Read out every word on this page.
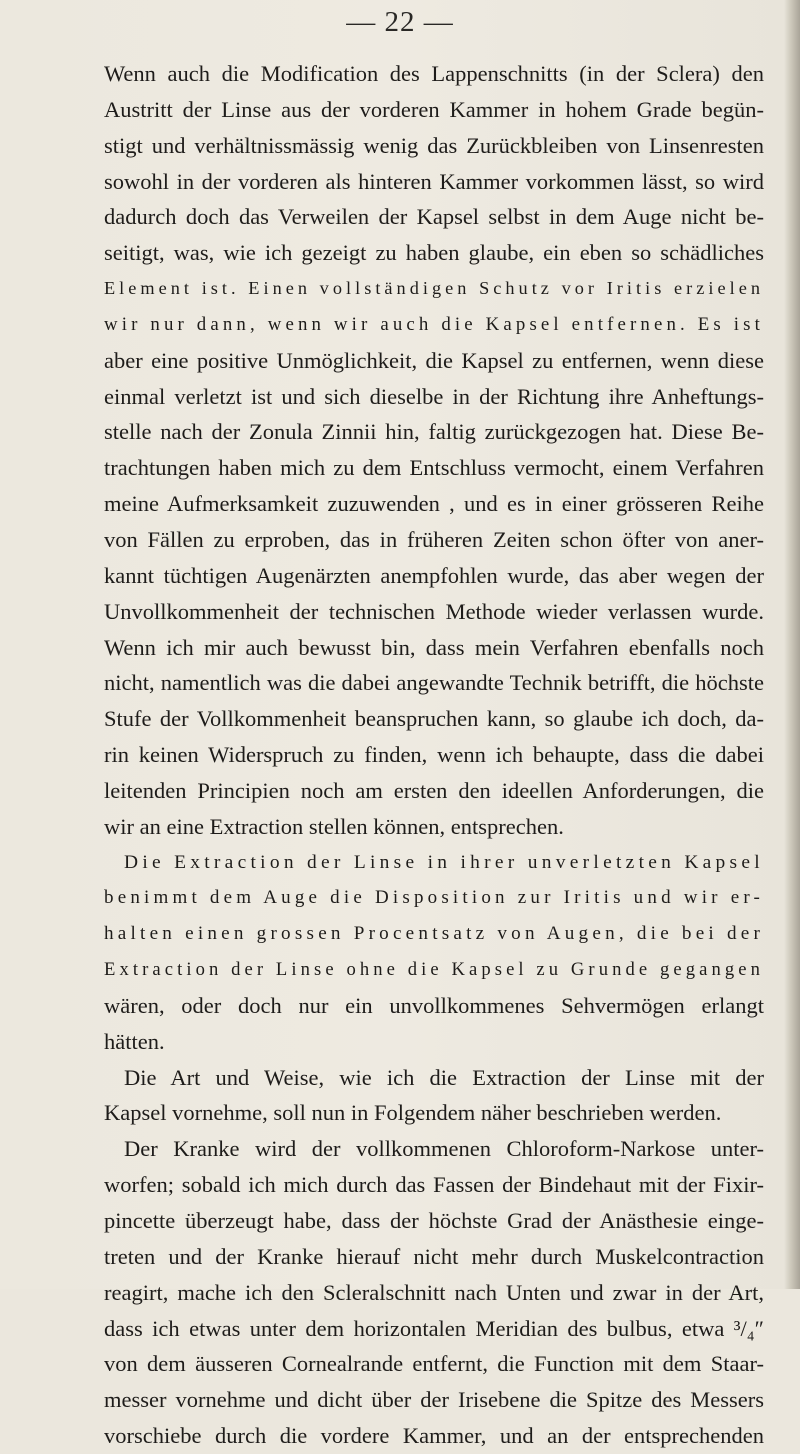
— 22 —
Wenn auch die Modification des Lappenschnitts (in der Sclera) den
Austritt der Linse aus der vorderen Kammer in hohem Grade begün-
stigt und verhältnissmässig wenig das Zurückbleiben von Linsenresten
sowohl in der vorderen als hinteren Kammer vorkommen lässt, so wird
dadurch doch das Verweilen der Kapsel selbst in dem Auge nicht be-
seitigt, was, wie ich gezeigt zu haben glaube, ein eben so schädliches
Element ist. Einen vollständigen Schutz vor Iritis erzielen
wir nur dann, wenn wir auch die Kapsel entfernen. Es ist
aber eine positive Unmöglichkeit, die Kapsel zu entfernen, wenn diese
einmal verletzt ist und sich dieselbe in der Richtung ihre Anheftungs-
stelle nach der Zonula Zinnii hin, faltig zurückgezogen hat. Diese Be-
trachtungen haben mich zu dem Entschluss vermocht, einem Verfahren
meine Aufmerksamkeit zuzuwenden , und es in einer grösseren Reihe
von Fällen zu erproben, das in früheren Zeiten schon öfter von aner-
kannt tüchtigen Augenärzten anempfohlen wurde, das aber wegen der
Unvollkommenheit der technischen Methode wieder verlassen wurde.
Wenn ich mir auch bewusst bin, dass mein Verfahren ebenfalls noch
nicht, namentlich was die dabei angewandte Technik betrifft, die höchste
Stufe der Vollkommenheit beanspruchen kann, so glaube ich doch, da-
rin keinen Widerspruch zu finden, wenn ich behaupte, dass die dabei
leitenden Principien noch am ersten den ideellen Anforderungen, die
wir an eine Extraction stellen können, entsprechen.
Die Extraction der Linse in ihrer unverletzten Kapsel
benimmt dem Auge die Disposition zur Iritis und wir er-
halten einen grossen Procentsatz von Augen, die bei der
Extraction der Linse ohne die Kapsel zu Grunde gegangen
wären, oder doch nur ein unvollkommenes Sehvermögen erlangt
hätten.
Die Art und Weise, wie ich die Extraction der Linse mit der
Kapsel vornehme, soll nun in Folgendem näher beschrieben werden.
Der Kranke wird der vollkommenen Chloroform-Narkose unter-
worfen; sobald ich mich durch das Fassen der Bindehaut mit der Fixir-
pincette überzeugt habe, dass der höchste Grad der Anästhesie einge-
treten und der Kranke hierauf nicht mehr durch Muskelcontraction
reagirt, mache ich den Scleralschnitt nach Unten und zwar in der Art,
dass ich etwas unter dem horizontalen Meridian des bulbus, etwa ³/₄″
von dem äusseren Cornealrande entfernt, die Function mit dem Staar-
messer vornehme und dicht über der Irisebene die Spitze des Messers
vorschiebe durch die vordere Kammer, und an der entsprechenden
